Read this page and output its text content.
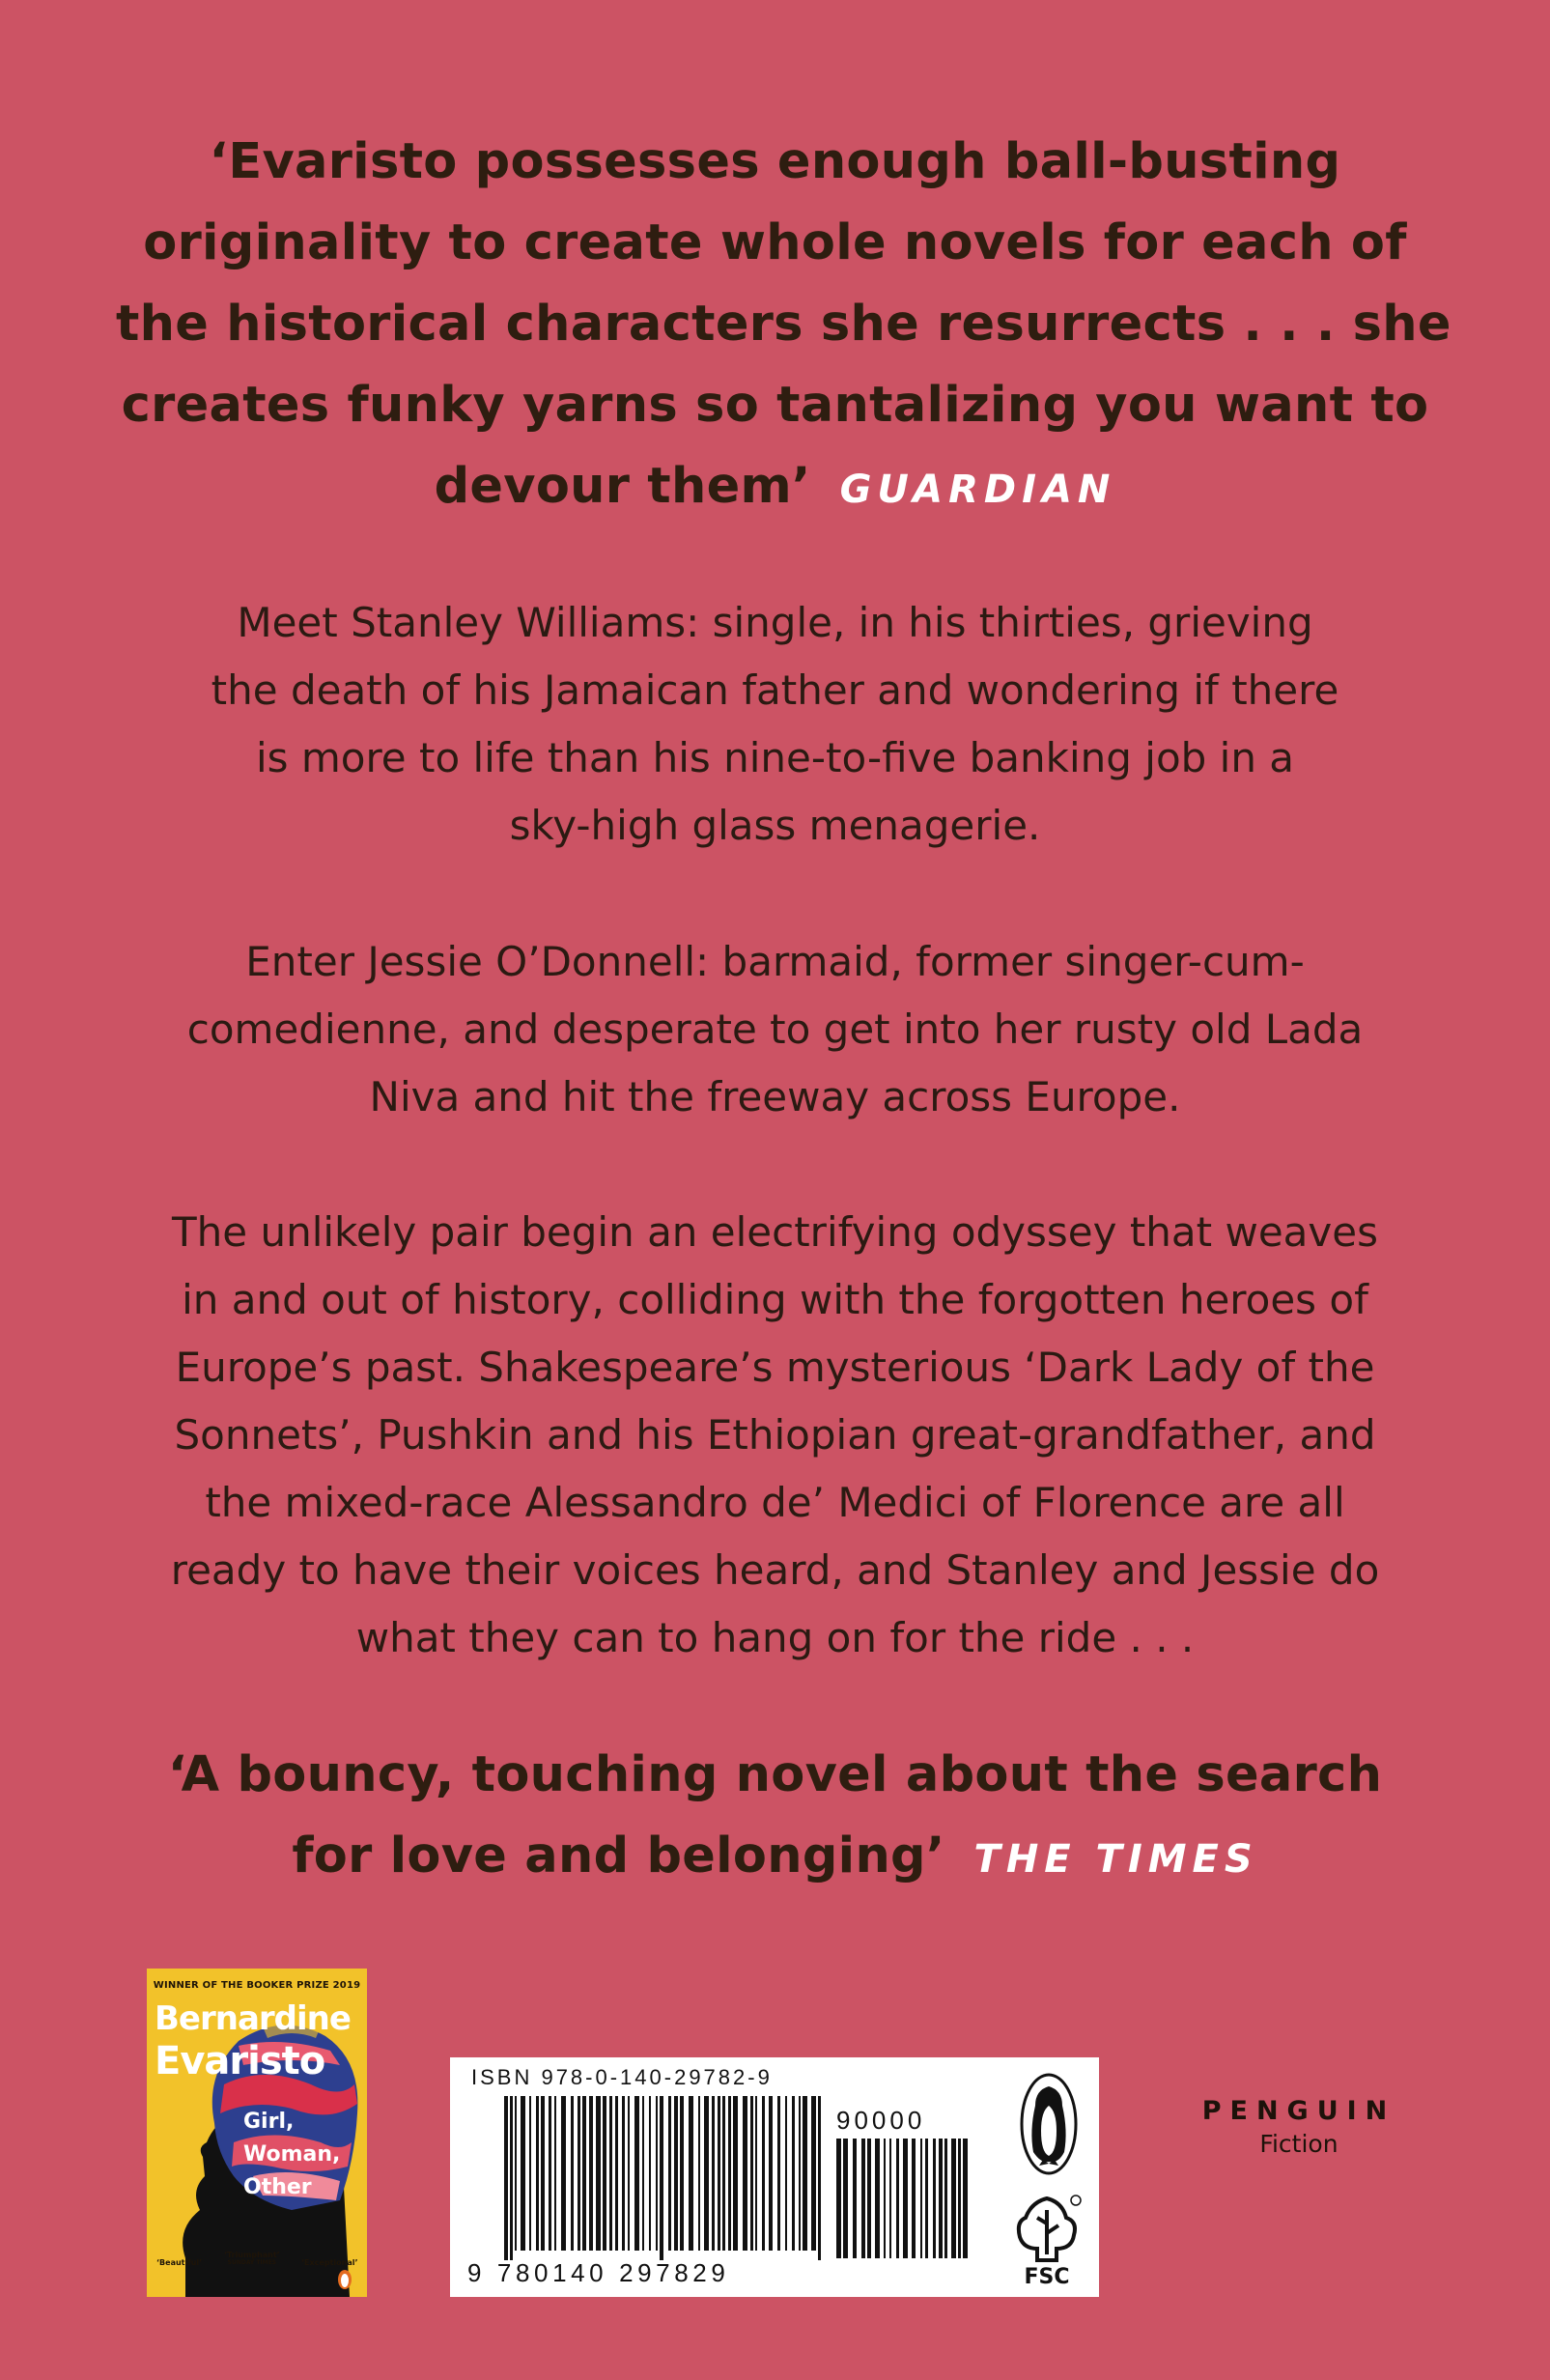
‘Evaristo possesses enough ball-busting
originality to create whole novels for each of
the historical characters she resurrects . . . she
creates funky yarns so tantalizing you want to
devour them’ GUARDIAN
Meet Stanley Williams: single, in his thirties, grieving
the death of his Jamaican father and wondering if there
is more to life than his nine-to-five banking job in a
sky-high glass menagerie.
Enter Jessie O’Donnell: barmaid, former singer-cum-
comedienne, and desperate to get into her rusty old Lada
Niva and hit the freeway across Europe.
The unlikely pair begin an electrifying odyssey that weaves
in and out of history, colliding with the forgotten heroes of
Europe’s past. Shakespeare’s mysterious ‘Dark Lady of the
Sonnets’, Pushkin and his Ethiopian great-grandfather, and
the mixed-race Alessandro de’ Medici of Florence are all
ready to have their voices heard, and Stanley and Jessie do
what they can to hang on for the ride . . .
‘A bouncy, touching novel about the search
for love and belonging’ THE TIMES
WINNER OF THE BOOKER PRIZE 2019
Bernardine
Evaristo
Girl,
Woman,
Other
‘Beautiful’
‘Triumphant’
SUNDAY TIMES	‘Exceptional’
ISBN 978-0-140-29782-9
90000
9 780140 297829	FSC
PENGUIN
Fiction
